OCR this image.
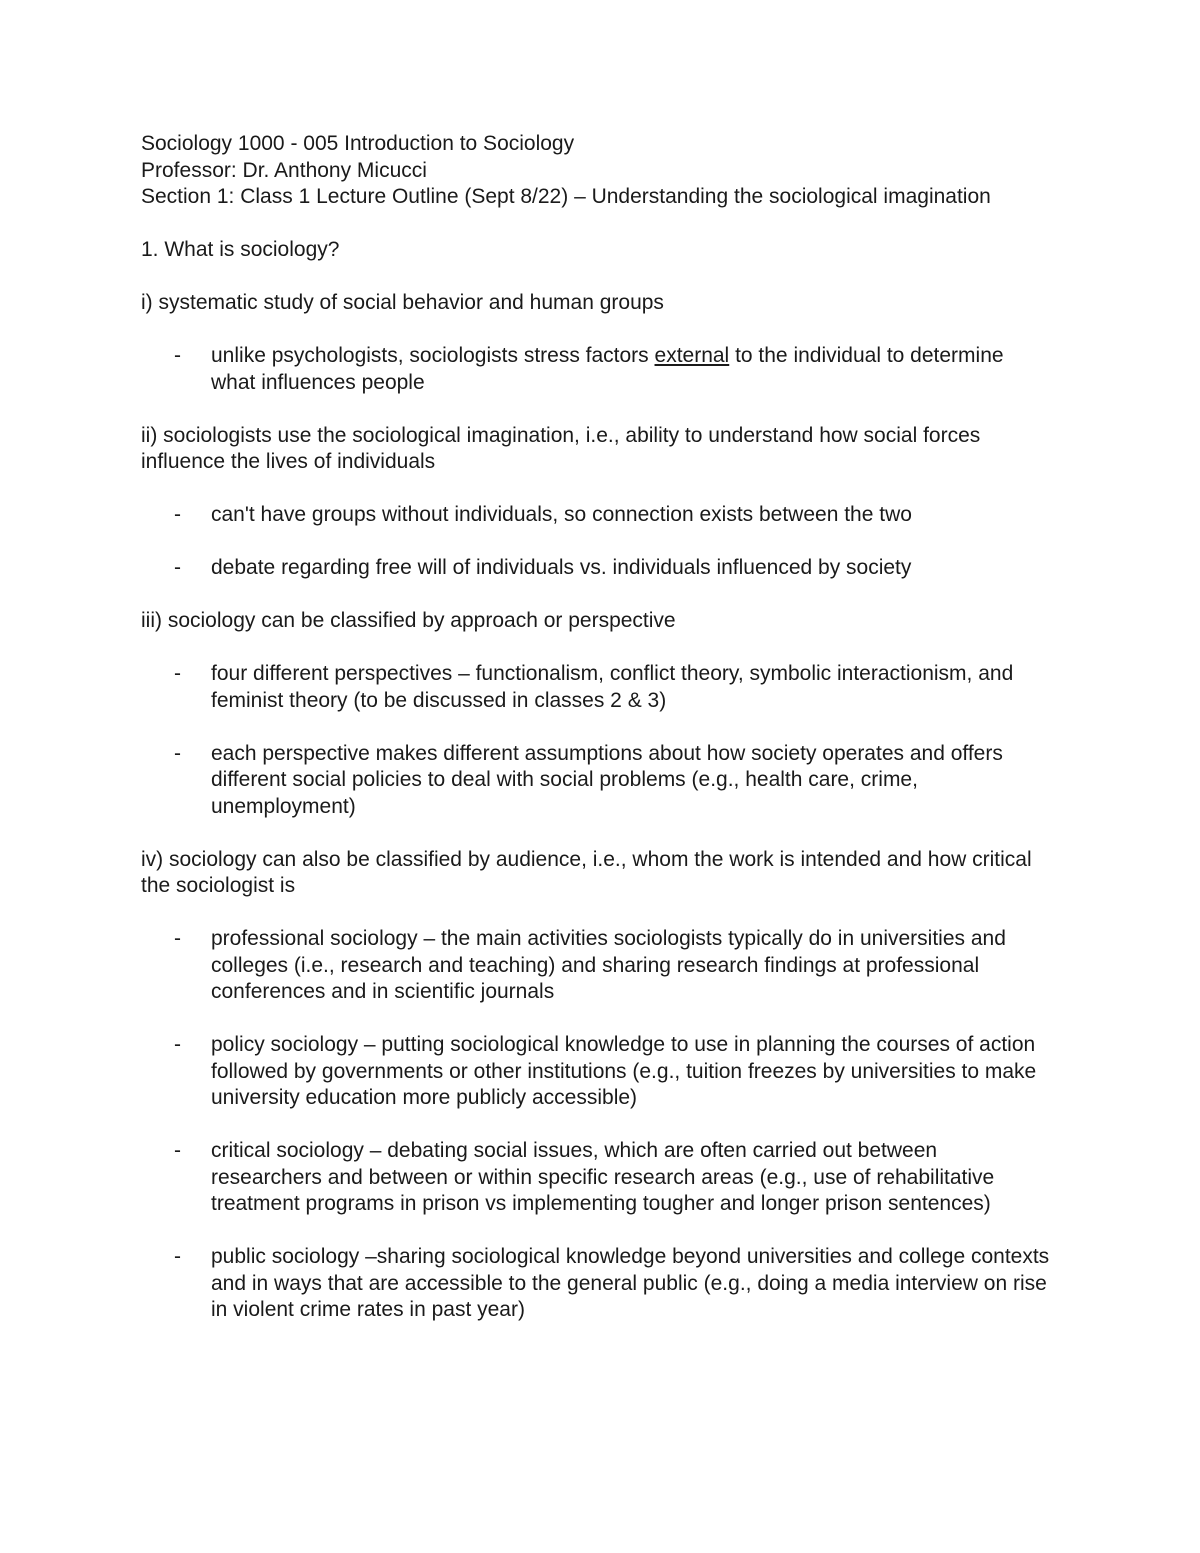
Sociology 1000 - 005 Introduction to Sociology

Professor: Dr. Anthony Micucci

Section 1: Class 1 Lecture Outline (Sept 8/22) – Understanding the sociological imagination

1. What is sociology?

i) systematic study of social behavior and human groups

- unlike psychologists, sociologists stress factors external to the individual to determine what influences people

ii) sociologists use the sociological imagination, i.e., ability to understand how social forces influence the lives of individuals

- can't have groups without individuals, so connection exists between the two
- debate regarding free will of individuals vs. individuals influenced by society

iii) sociology can be classified by approach or perspective

- four different perspectives – functionalism, conflict theory, symbolic interactionism, and feminist theory (to be discussed in classes 2 & 3)
- each perspective makes different assumptions about how society operates and offers different social policies to deal with social problems (e.g., health care, crime, unemployment)

iv) sociology can also be classified by audience, i.e., whom the work is intended and how critical the sociologist is

- professional sociology – the main activities sociologists typically do in universities and colleges (i.e., research and teaching) and sharing research findings at professional conferences and in scientific journals
- policy sociology – putting sociological knowledge to use in planning the courses of action followed by governments or other institutions (e.g., tuition freezes by universities to make university education more publicly accessible)
- critical sociology – debating social issues, which are often carried out between researchers and between or within specific research areas (e.g., use of rehabilitative treatment programs in prison vs implementing tougher and longer prison sentences)
- public sociology –sharing sociological knowledge beyond universities and college contexts and in ways that are accessible to the general public (e.g., doing a media interview on rise in violent crime rates in past year)
